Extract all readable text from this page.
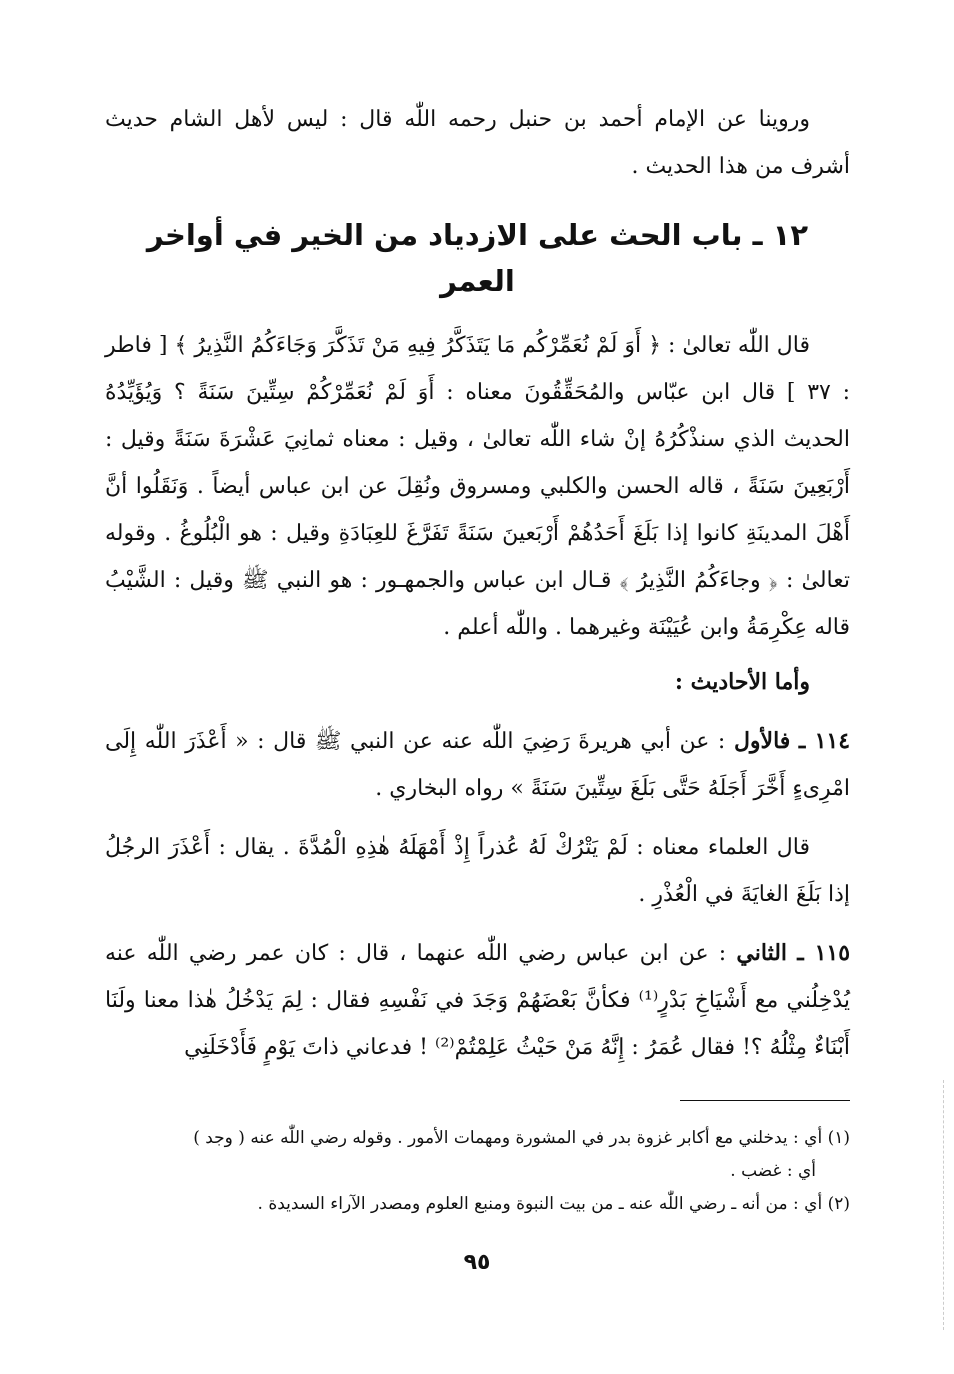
وروينا عن الإمام أحمد بن حنبل رحمه اللّٰه قال : ليس لأهل الشام حديث أشرف من هذا الحديث .

١٢ ـ باب الحث على الازدياد من الخير في أواخر العمر

قال اللّٰه تعالىٰ : ﴿ أَوَ لَمْ نُعَمِّرْكُم مَا يَتَذَكَّرُ فِيهِ مَنْ تَذَكَّرَ وَجَاءَكُمُ النَّذِيرُ ﴾ [ فاطر : ٣٧ ] قال ابن عبّاس والمُحَقِّقُونَ معناه : أَوَ لَمْ نُعَمِّرْكُمْ سِتِّينَ سَنَةً ؟ وَيُؤَيِّدُهُ الحديث الذي سنذْكُرُهُ إنْ شاء اللّٰه تعالىٰ ، وقيل : معناه ثمانِيَ عَشْرَةَ سَنَةً وقيل : أَرْبَعِينَ سَنَةً ، قاله الحسن والكلبي ومسروق ونُقِلَ عن ابن عباس أيضاً . وَنَقَلُوا أنَّ أَهْلَ المدينَةِ كانوا إذا بَلَغَ أَحَدُهُمْ أَرْبَعينَ سَنَةً تَفَرَّغَ للعِبَادَةِ وقيل : هو الْبُلُوغُ . وقوله تعالىٰ : ﴿ وجاءَكُمُ النَّذِيرُ ﴾ قـال ابن عباس والجمهـور : هو النبي ﷺ وقيل : الشَّيْبُ قاله عِكْرِمَةُ وابن عُيَيْنَة وغيرهما . واللّٰه أعلم .

وأما الأحاديث :

١١٤ ـ فالأول : عن أبي هريرةَ رَضِيَ اللّٰه عنه عن النبي ﷺ قال : « أَعْذَرَ اللّٰه إِلَى امْرِىءٍ أَخَّرَ أَجَلَهُ حَتَّى بَلَغَ سِتِّينَ سَنَةً » رواه البخاري .

قال العلماء معناه : لَمْ يَتْرُكْ لَهُ عُذراً إِذْ أَمْهَلَهُ هٰذِهِ الْمُدَّةَ . يقال : أَعْذَرَ الرجُلُ إذا بَلَغَ الغايَةَ في الْعُذْرِ .

١١٥ ـ الثاني : عن ابن عباس رضي اللّٰه عنهما ، قال : كان عمر رضي اللّٰه عنه يُدْخِلُني مع أَشْيَاخِ بَدْرٍ⁽¹⁾ فكأنَّ بَعْضَهُمْ وَجَدَ في نَفْسِهِ فقال : لِمَ يَدْخُلُ هٰذا معنا ولَنَا أَبْنَاءٌ مِثْلُهُ ؟! فقال عُمَرُ : إِنَّهُ مَنْ حَيْثُ عَلِمْتُمْ⁽²⁾ ! فدعاني ذاتَ يَوْمٍ فَأَدْخَلَنِي

(١) أي : يدخلني مع أكابر غزوة بدر في المشورة ومهمات الأمور . وقوله رضي اللّٰه عنه ( وجد )

أي : غضب .

(٢) أي : من أنه ـ رضي اللّٰه عنه ـ من بيت النبوة ومنبع العلوم ومصدر الآراء السديدة .

٩٥
